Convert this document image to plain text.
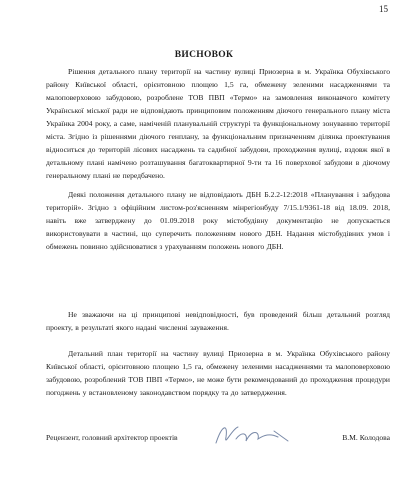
15
ВИСНОВОК

Рішення детального плану території на частину вулиці Приозерна в м. Українка Обухівського району Київської області, орієнтовною площею 1,5 га, обмежену зеленими насадженнями та малоповерховою забудовою, розроблене ТОВ ПВП «Термо» на замовлення виконавчого комітету Української міської ради не відповідають принциповим положенням діючого генерального плану міста Українка 2004 року, а саме, наміченій планувальній структурі та функціональному зонуванню території міста. Згідно із рішеннями діючого генплану, за функціональним призначенням ділянка проектування відноситься до територій лісових насаджень та садибної забудови, проходження вулиці, вздовж якої в детальному плані намічено розташування багатоквартирної 9-ти та 16 поверхової забудови в діючому генеральному плані не передбачено.

Деякі положення детального плану не відповідають ДБН Б.2.2-12:2018 «Планування і забудова територій». Згідно з офіційним листом-роз'ясненням мінрегіонбуду 7/15.1/9361-18 від 18.09. 2018, навіть вже затверджену до 01.09.2018 року містобудівну документацію не допускається використовувати в частині, що суперечить положенням нового ДБН. Надання містобудівних умов і обмежень повинно здійснюватися з урахуванням положень нового ДБН.

Не зважаючи на ці принципові невідповідності, був проведений більш детальний розгляд проекту, в результаті якого надані численні зауваження.

Детальний план території на частину вулиці Приозерна в м. Українка Обухівського району Київської області, орієнтовною площею 1,5 га, обмежену зеленими насадженнями та малоповерховою забудовою, розроблений ТОВ ПВП «Термо», не може бути рекомендований до проходження процедури погоджень у встановленому законодавством порядку та до затвердження.

Рецензент, головний архітектор проектів	В.М. Колодова
